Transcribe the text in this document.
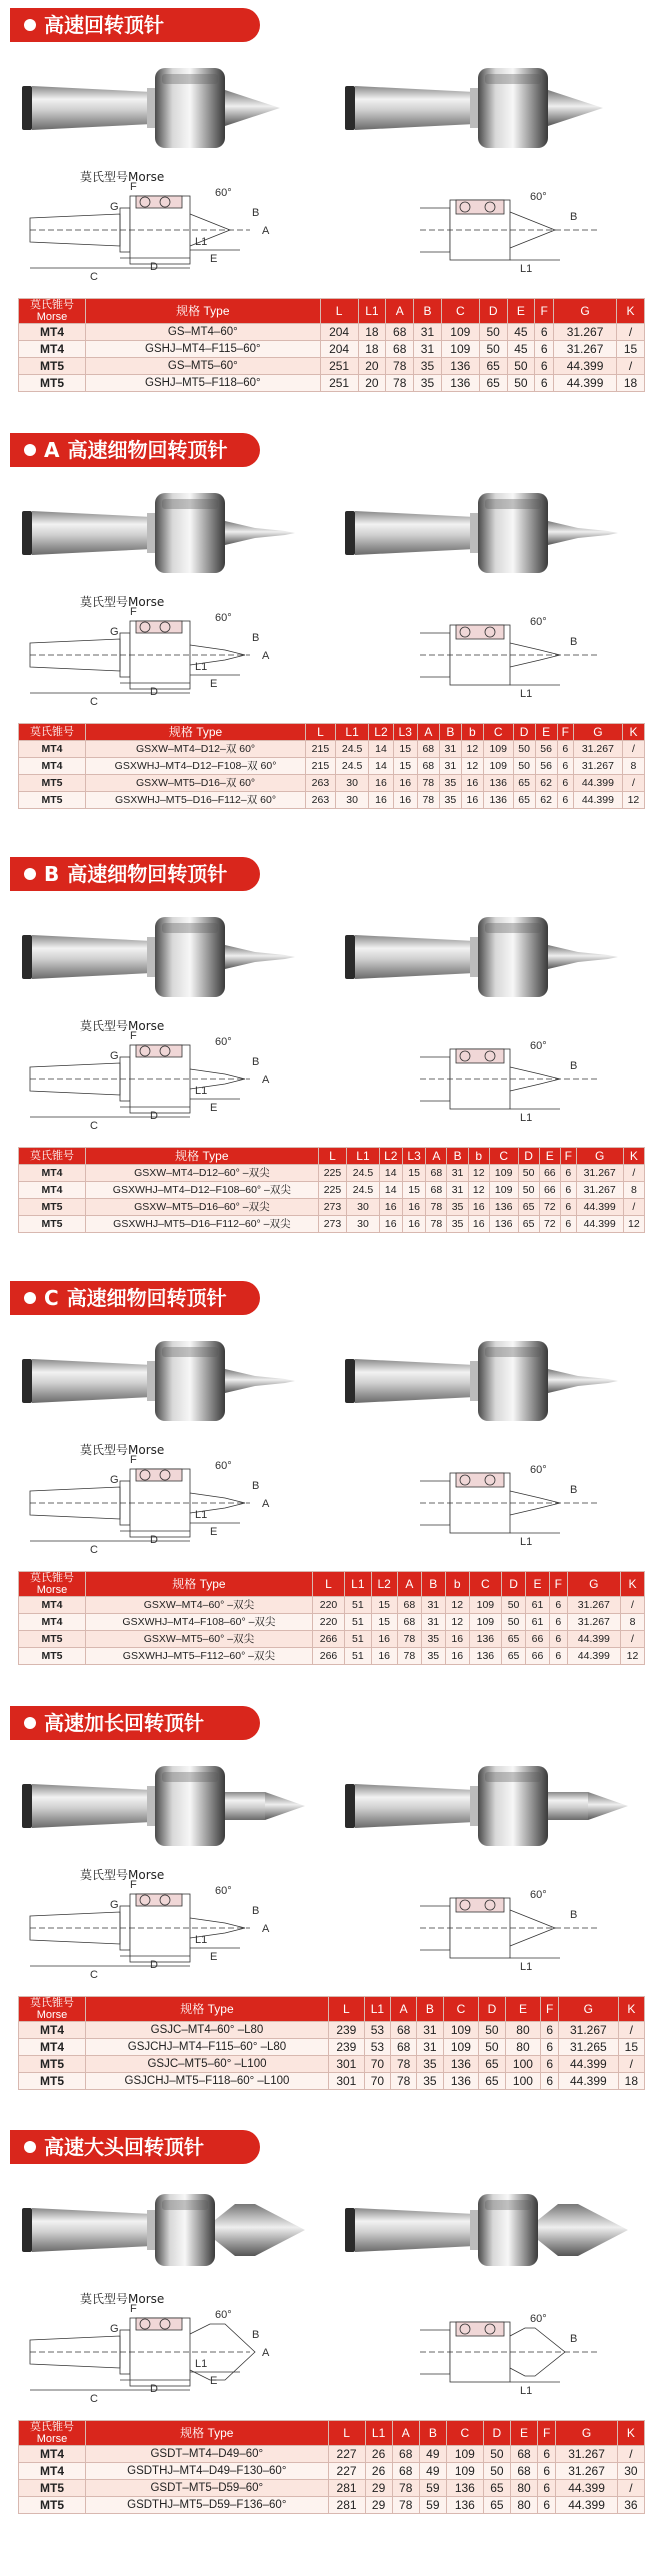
高速回转顶针
C
D
E
L1
A
B
G
F	60°
L1
60°
B
莫氏型号Morse
莫氏锥号 Morse	规格 Type	L	L1	A	B	C	D	E	F	G	K
MT4	GS–MT4–60°	204	18	68	31	109	50	45	6	31.267	/
MT4	GSHJ–MT4–F115–60°	204	18	68	31	109	50	45	6	31.267	15
MT5	GS–MT5–60°	251	20	78	35	136	65	50	6	44.399	/
MT5	GSHJ–MT5–F118–60°	251	20	78	35	136	65	50	6	44.399	18
A 高速细物回转顶针
C
D
E
L1
A
B
G
F	60°
L1
60°
B
莫氏型号Morse
莫氏锥号	规格 Type	L	L1	L2	L3	A	B	b	C	D	E	F	G	K
MT4	GSXW–MT4–D12–双 60°	215	24.5	14	15	68	31	12	109	50	56	6	31.267	/
MT4	GSXWHJ–MT4–D12–F108–双 60°	215	24.5	14	15	68	31	12	109	50	56	6	31.267	8
MT5	GSXW–MT5–D16–双 60°	263	30	16	16	78	35	16	136	65	62	6	44.399	/
MT5	GSXWHJ–MT5–D16–F112–双 60°	263	30	16	16	78	35	16	136	65	62	6	44.399	12
B 高速细物回转顶针
C
D
E
L1
A
B
G
F	60°
L1
60°
B
莫氏型号Morse
莫氏锥号	规格 Type	L	L1	L2	L3	A	B	b	C	D	E	F	G	K
MT4	GSXW–MT4–D12–60° –双尖	225	24.5	14	15	68	31	12	109	50	66	6	31.267	/
MT4	GSXWHJ–MT4–D12–F108–60° –双尖	225	24.5	14	15	68	31	12	109	50	66	6	31.267	8
MT5	GSXW–MT5–D16–60° –双尖	273	30	16	16	78	35	16	136	65	72	6	44.399	/
MT5	GSXWHJ–MT5–D16–F112–60° –双尖	273	30	16	16	78	35	16	136	65	72	6	44.399	12
C 高速细物回转顶针
C
D
E
L1
A
B
G
F	60°
L1
60°
B
莫氏型号Morse
莫氏锥号 Morse	规格 Type	L	L1	L2	A	B	b	C	D	E	F	G	K
MT4	GSXW–MT4–60° –双尖	220	51	15	68	31	12	109	50	61	6	31.267	/
MT4	GSXWHJ–MT4–F108–60° –双尖	220	51	15	68	31	12	109	50	61	6	31.267	8
MT5	GSXW–MT5–60° –双尖	266	51	16	78	35	16	136	65	66	6	44.399	/
MT5	GSXWHJ–MT5–F112–60° –双尖	266	51	16	78	35	16	136	65	66	6	44.399	12
高速加长回转顶针
C
D
E
L1
A
B
G
F	60°
L1
60°
B
莫氏型号Morse
莫氏锥号 Morse	规格 Type	L	L1	A	B	C	D	E	F	G	K
MT4	GSJC–MT4–60° –L80	239	53	68	31	109	50	80	6	31.267	/
MT4	GSJCHJ–MT4–F115–60° –L80	239	53	68	31	109	50	80	6	31.265	15
MT5	GSJC–MT5–60° –L100	301	70	78	35	136	65	100	6	44.399	/
MT5	GSJCHJ–MT5–F118–60° –L100	301	70	78	35	136	65	100	6	44.399	18
高速大头回转顶针
C
D
E
L1
A
B
G
F	60°
L1
60°
B
莫氏型号Morse
莫氏锥号 Morse	规格 Type	L	L1	A	B	C	D	E	F	G	K
MT4	GSDT–MT4–D49–60°	227	26	68	49	109	50	68	6	31.267	/
MT4	GSDTHJ–MT4–D49–F130–60°	227	26	68	49	109	50	68	6	31.267	30
MT5	GSDT–MT5–D59–60°	281	29	78	59	136	65	80	6	44.399	/
MT5	GSDTHJ–MT5–D59–F136–60°	281	29	78	59	136	65	80	6	44.399	36
